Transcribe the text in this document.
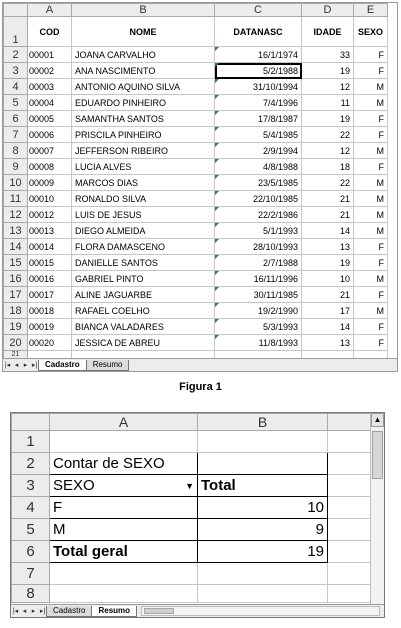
	A	B	C	D	E
1	COD	NOME	DATANASC	IDADE	SEXO
2	00001	JOANA CARVALHO	16/1/1974	33	F
3	00002	ANA NASCIMENTO	5/2/1988	19	F
4	00003	ANTONIO AQUINO SILVA	31/10/1994	12	M
5	00004	EDUARDO PINHEIRO	7/4/1996	11	M
6	00005	SAMANTHA SANTOS	17/8/1987	19	F
7	00006	PRISCILA PINHEIRO	5/4/1985	22	F
8	00007	JEFFERSON RIBEIRO	2/9/1994	12	M
9	00008	LUCIA ALVES	4/8/1988	18	F
10	00009	MARCOS DIAS	23/5/1985	22	M
11	00010	RONALDO SILVA	22/10/1985	21	M
12	00012	LUIS DE JESUS	22/2/1986	21	M
13	00013	DIEGO ALMEIDA	5/1/1993	14	M
14	00014	FLORA DAMASCENO	28/10/1993	13	F
15	00015	DANIELLE SANTOS	2/7/1988	19	F
16	00016	GABRIEL PINTO	16/11/1996	10	M
17	00017	ALINE JAGUARBE	30/11/1985	21	F
18	00018	RAFAEL COELHO	19/2/1990	17	M
19	00019	BIANCA VALADARES	5/3/1993	14	F
20	00020	JESSICA DE ABREU	11/8/1993	13	F
21					
|◂ ◂ ▸ ▸| Cadastro	Resumo
Figura 1
	A	B	
1			
2	Contar de SEXO		
3	SEXO ▼	Total	
4	F	10	
5	M	9	
6	Total geral	19	
7			
8			
▲
|◂ ◂ ▸ ▸| Cadastro	Resumo
